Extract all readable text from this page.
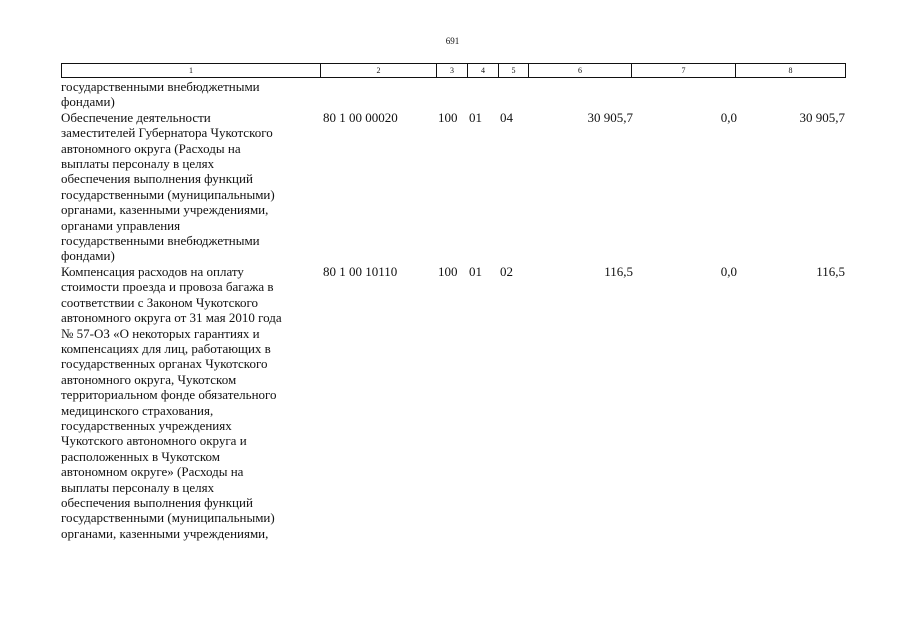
691
1	2	3	4	5	6	7	8
государственными внебюджетными
фондами)
Обеспечение деятельности
заместителей Губернатора Чукотского
автономного округа (Расходы на
выплаты персоналу в целях
обеспечения выполнения функций
государственными (муниципальными)
органами, казенными учреждениями,
органами управления
государственными внебюджетными
фондами)
80 1 00 00020	100 01 04	30 905,7	0,0	30 905,7
Компенсация расходов на оплату
стоимости проезда и провоза багажа в
соответствии с Законом Чукотского
автономного округа от 31 мая 2010 года
№ 57-ОЗ «О некоторых гарантиях и
компенсациях для лиц, работающих в
государственных органах Чукотского
автономного округа, Чукотском
территориальном фонде обязательного
медицинского страхования,
государственных учреждениях
Чукотского автономного округа и
расположенных в Чукотском
автономном округе» (Расходы на
выплаты персоналу в целях
обеспечения выполнения функций
государственными (муниципальными)
органами, казенными учреждениями,
80 1 00 10110	100 01 02	116,5	0,0	116,5
